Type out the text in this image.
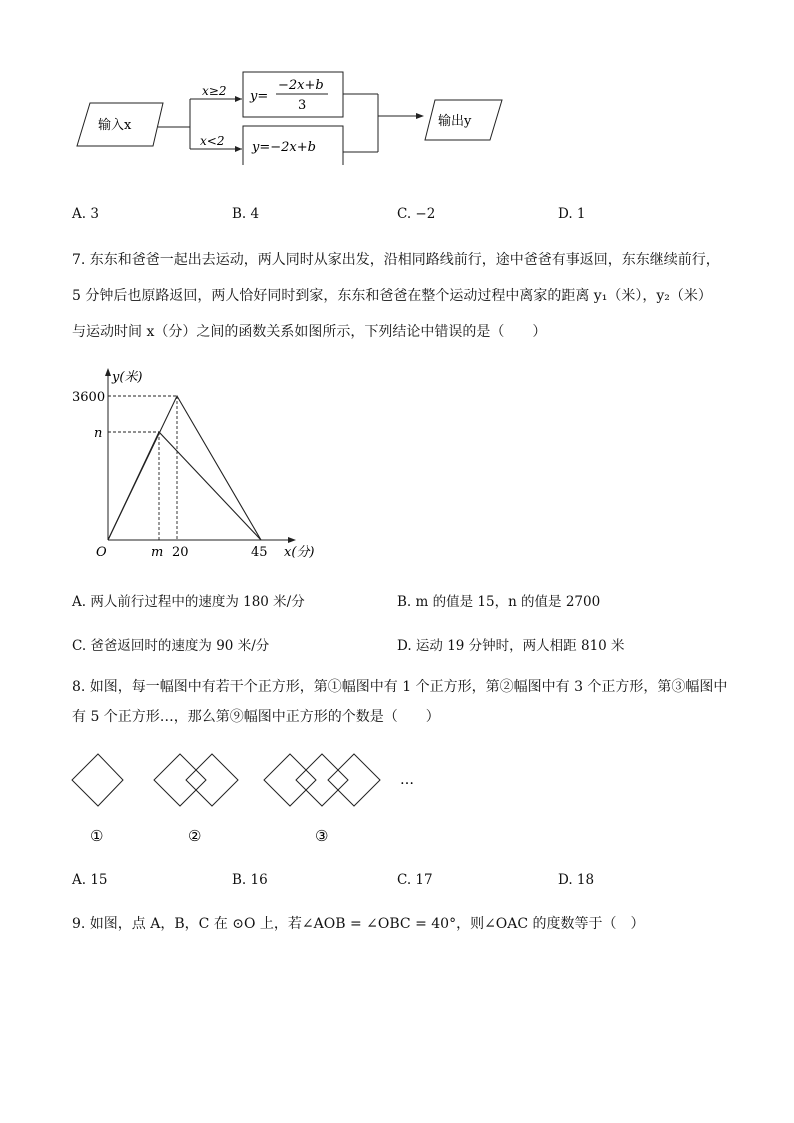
输入x
x≥2
x<2
y=
−2x+b
3
y=−2x+b
输出y
A. 3	B. 4	C. −2	D. 1
7. 东东和爸爸一起出去运动，两人同时从家出发，沿相同路线前行，途中爸爸有事返回，东东继续前行，
5 分钟后也原路返回，两人恰好同时到家，东东和爸爸在整个运动过程中离家的距离 y₁（米），y₂（米）
与运动时间 x（分）之间的函数关系如图所示，下列结论中错误的是（　　）
y(米)
x(分)
O
3600
n
m 20	45
A. 两人前行过程中的速度为 180 米/分	B. m 的值是 15，n 的值是 2700
C. 爸爸返回时的速度为 90 米/分	D. 运动 19 分钟时，两人相距 810 米
8. 如图，每一幅图中有若干个正方形，第①幅图中有 1 个正方形，第②幅图中有 3 个正方形，第③幅图中
有 5 个正方形…，那么第⑨幅图中正方形的个数是（　　）
…
①	②	③
A. 15	B. 16	C. 17	D. 18
9. 如图，点 A，B，C 在 ⊙O 上，若∠AOB = ∠OBC = 40°，则∠OAC 的度数等于（　）
